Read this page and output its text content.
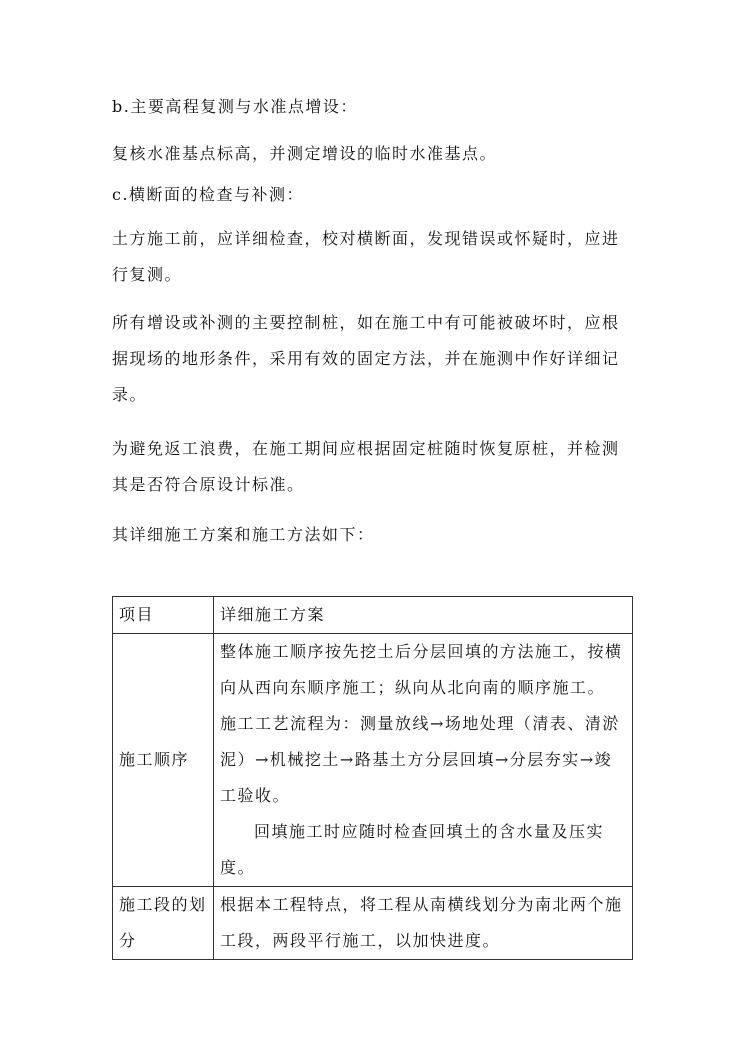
b.主要高程复测与水准点增设：
复核水准基点标高，并测定增设的临时水准基点。
c.横断面的检查与补测：
土方施工前，应详细检查，校对横断面，发现错误或怀疑时，应进行复测。
所有增设或补测的主要控制桩，如在施工中有可能被破坏时，应根据现场的地形条件，采用有效的固定方法，并在施测中作好详细记录。
为避免返工浪费，在施工期间应根据固定桩随时恢复原桩，并检测其是否符合原设计标准。
其详细施工方案和施工方法如下：
项目	详细施工方案
施工顺序	整体施工顺序按先挖土后分层回填的方法施工，按横向从西向东顺序施工；纵向从北向南的顺序施工。
施工工艺流程为：测量放线→场地处理（清表、清淤泥）→机械挖土→路基土方分层回填→分层夯实→竣工验收。
回填施工时应随时检查回填土的含水量及压实度。

施工段的划分	根据本工程特点，将工程从南横线划分为南北两个施工段，两段平行施工，以加快进度。
